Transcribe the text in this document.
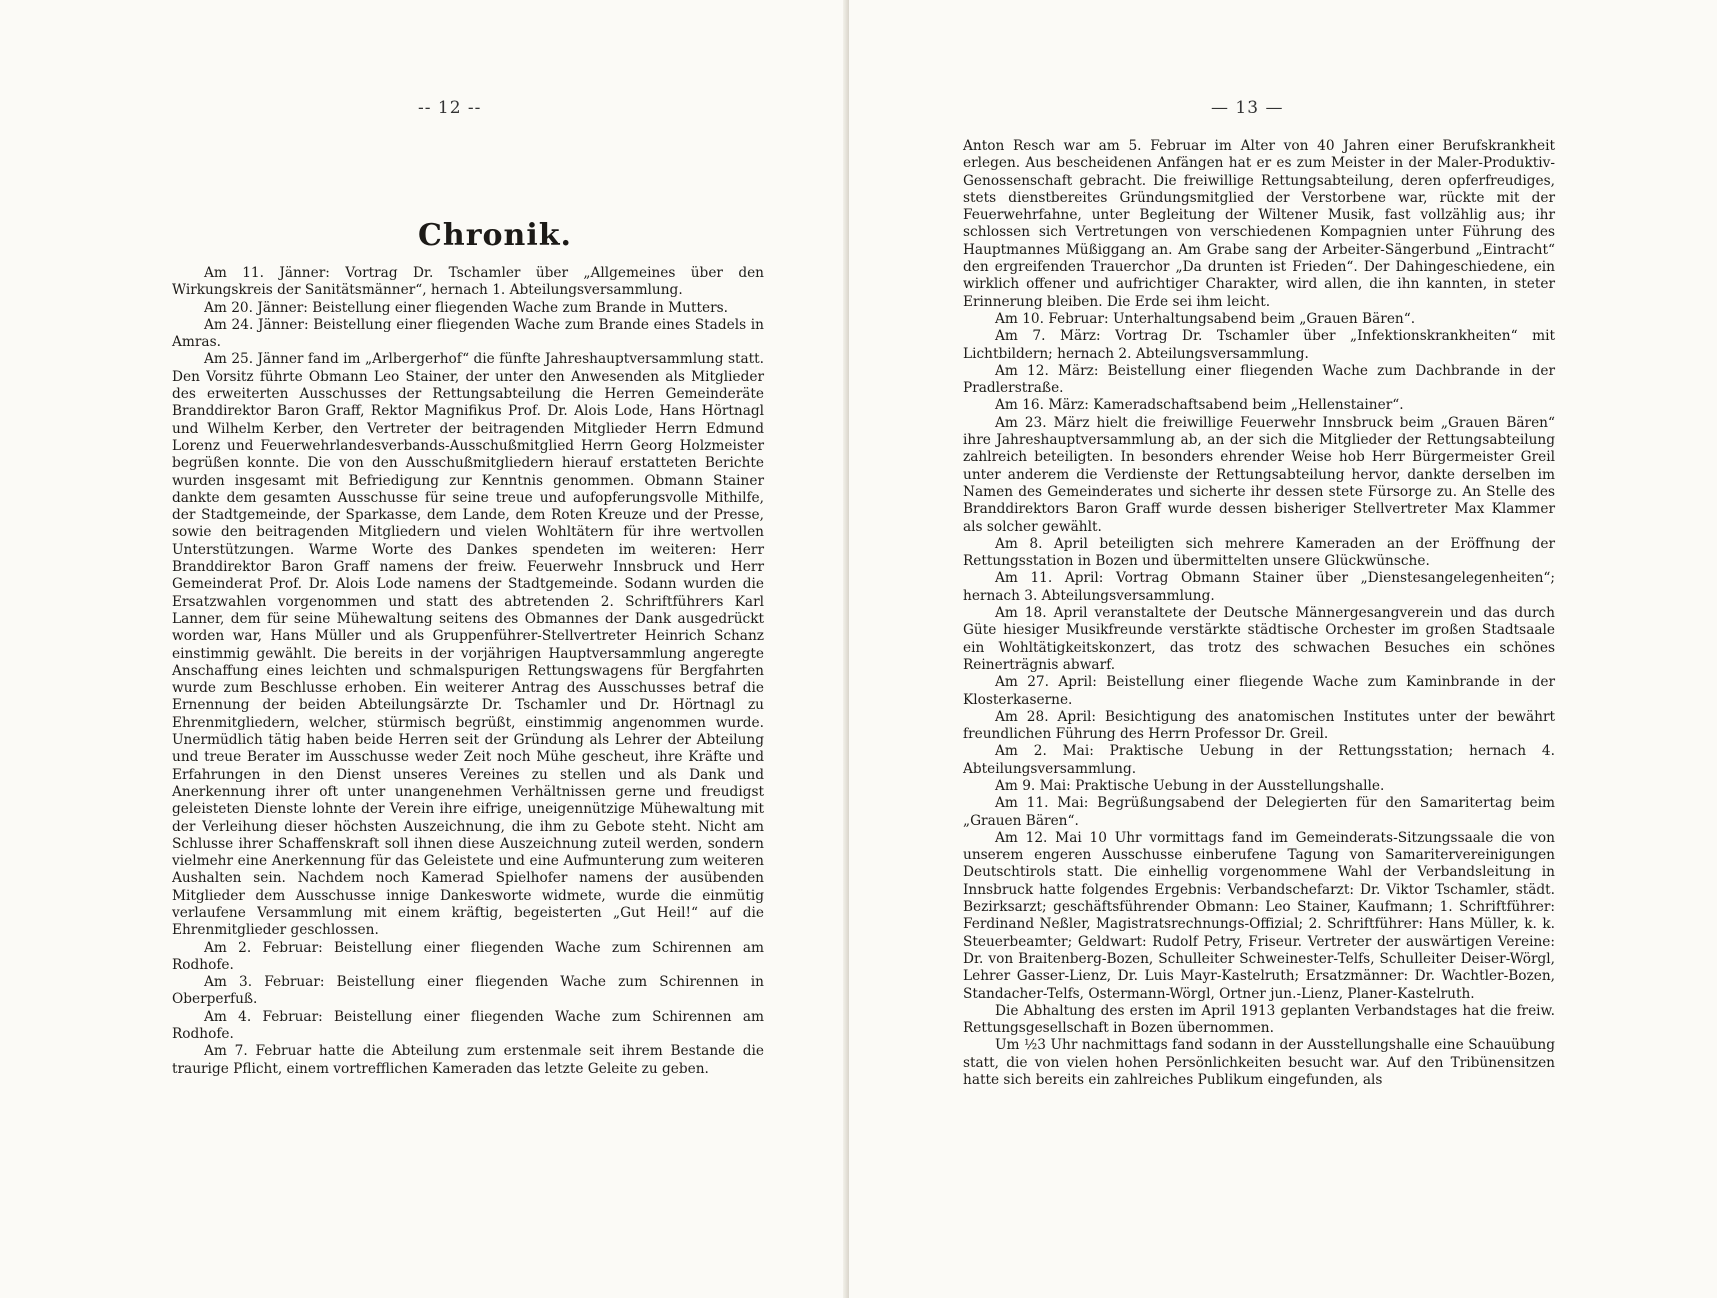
-- 12 --
Chronik.

Am 11. Jänner: Vortrag Dr. Tschamler über „Allgemeines über den Wirkungskreis der Sanitätsmänner“, hernach 1. Abteilungsversammlung.

Am 20. Jänner: Beistellung einer fliegenden Wache zum Brande in Mutters.

Am 24. Jänner: Beistellung einer fliegenden Wache zum Brande eines Stadels in Amras.

Am 25. Jänner fand im „Arlbergerhof“ die fünfte Jahreshauptversammlung statt. Den Vorsitz führte Obmann Leo Stainer, der unter den Anwesenden als Mitglieder des erweiterten Ausschusses der Rettungsabteilung die Herren Gemeinderäte Branddirektor Baron Graff, Rektor Magnifikus Prof. Dr. Alois Lode, Hans Hörtnagl und Wilhelm Kerber, den Vertreter der beitragenden Mitglieder Herrn Edmund Lorenz und Feuerwehrlandesverbands-Ausschußmitglied Herrn Georg Holzmeister begrüßen konnte. Die von den Ausschußmitgliedern hierauf erstatteten Berichte wurden insgesamt mit Befriedigung zur Kenntnis genommen. Obmann Stainer dankte dem gesamten Ausschusse für seine treue und aufopferungsvolle Mithilfe, der Stadtgemeinde, der Sparkasse, dem Lande, dem Roten Kreuze und der Presse, sowie den beitragenden Mitgliedern und vielen Wohltätern für ihre wertvollen Unterstützungen. Warme Worte des Dankes spendeten im weiteren: Herr Branddirektor Baron Graff namens der freiw. Feuerwehr Innsbruck und Herr Gemeinderat Prof. Dr. Alois Lode namens der Stadtgemeinde. Sodann wurden die Ersatzwahlen vorgenommen und statt des abtretenden 2. Schriftführers Karl Lanner, dem für seine Mühewaltung seitens des Obmannes der Dank ausgedrückt worden war, Hans Müller und als Gruppenführer-Stellvertreter Heinrich Schanz einstimmig gewählt. Die bereits in der vorjährigen Hauptversammlung angeregte Anschaffung eines leichten und schmalspurigen Rettungswagens für Bergfahrten wurde zum Beschlusse erhoben. Ein weiterer Antrag des Ausschusses betraf die Ernennung der beiden Abteilungsärzte Dr. Tschamler und Dr. Hörtnagl zu Ehrenmitgliedern, welcher, stürmisch begrüßt, einstimmig angenommen wurde. Unermüdlich tätig haben beide Herren seit der Gründung als Lehrer der Abteilung und treue Berater im Ausschusse weder Zeit noch Mühe gescheut, ihre Kräfte und Erfahrungen in den Dienst unseres Vereines zu stellen und als Dank und Anerkennung ihrer oft unter unangenehmen Verhältnissen gerne und freudigst geleisteten Dienste lohnte der Verein ihre eifrige, uneigennützige Mühewaltung mit der Verleihung dieser höchsten Auszeichnung, die ihm zu Gebote steht. Nicht am Schlusse ihrer Schaffenskraft soll ihnen diese Auszeichnung zuteil werden, sondern vielmehr eine Anerkennung für das Geleistete und eine Aufmunterung zum weiteren Aushalten sein. Nachdem noch Kamerad Spielhofer namens der ausübenden Mitglieder dem Ausschusse innige Dankesworte widmete, wurde die einmütig verlaufene Versammlung mit einem kräftig, begeisterten „Gut Heil!“ auf die Ehrenmitglieder geschlossen.

Am 2. Februar: Beistellung einer fliegenden Wache zum Schirennen am Rodhofe.

Am 3. Februar: Beistellung einer fliegenden Wache zum Schirennen in Oberperfuß.

Am 4. Februar: Beistellung einer fliegenden Wache zum Schirennen am Rodhofe.

Am 7. Februar hatte die Abteilung zum erstenmale seit ihrem Bestande die traurige Pflicht, einem vortrefflichen Kameraden das letzte Geleite zu geben.

— 13 —

Anton Resch war am 5. Februar im Alter von 40 Jahren einer Berufskrankheit erlegen. Aus bescheidenen Anfängen hat er es zum Meister in der Maler-Produktiv-Genossenschaft gebracht. Die freiwillige Rettungsabteilung, deren opferfreudiges, stets dienstbereites Gründungsmitglied der Verstorbene war, rückte mit der Feuerwehrfahne, unter Begleitung der Wiltener Musik, fast vollzählig aus; ihr schlossen sich Vertretungen von verschiedenen Kompagnien unter Führung des Hauptmannes Müßiggang an. Am Grabe sang der Arbeiter-Sängerbund „Eintracht“ den ergreifenden Trauerchor „Da drunten ist Frieden“. Der Dahingeschiedene, ein wirklich offener und aufrichtiger Charakter, wird allen, die ihn kannten, in steter Erinnerung bleiben. Die Erde sei ihm leicht.

Am 10. Februar: Unterhaltungsabend beim „Grauen Bären“.

Am 7. März: Vortrag Dr. Tschamler über „Infektionskrankheiten“ mit Lichtbildern; hernach 2. Abteilungsversammlung.

Am 12. März: Beistellung einer fliegenden Wache zum Dachbrande in der Pradlerstraße.

Am 16. März: Kameradschaftsabend beim „Hellenstainer“.

Am 23. März hielt die freiwillige Feuerwehr Innsbruck beim „Grauen Bären“ ihre Jahreshauptversammlung ab, an der sich die Mitglieder der Rettungsabteilung zahlreich beteiligten. In besonders ehrender Weise hob Herr Bürgermeister Greil unter anderem die Verdienste der Rettungsabteilung hervor, dankte derselben im Namen des Gemeinderates und sicherte ihr dessen stete Fürsorge zu. An Stelle des Branddirektors Baron Graff wurde dessen bisheriger Stellvertreter Max Klammer als solcher gewählt.

Am 8. April beteiligten sich mehrere Kameraden an der Eröffnung der Rettungsstation in Bozen und übermittelten unsere Glückwünsche.

Am 11. April: Vortrag Obmann Stainer über „Dienstesangelegenheiten“; hernach 3. Abteilungsversammlung.

Am 18. April veranstaltete der Deutsche Männergesangverein und das durch Güte hiesiger Musikfreunde verstärkte städtische Orchester im großen Stadtsaale ein Wohltätigkeitskonzert, das trotz des schwachen Besuches ein schönes Reinerträgnis abwarf.

Am 27. April: Beistellung einer fliegende Wache zum Kaminbrande in der Klosterkaserne.

Am 28. April: Besichtigung des anatomischen Institutes unter der bewährt freundlichen Führung des Herrn Professor Dr. Greil.

Am 2. Mai: Praktische Uebung in der Rettungsstation; hernach 4. Abteilungsversammlung.

Am 9. Mai: Praktische Uebung in der Ausstellungshalle.

Am 11. Mai: Begrüßungsabend der Delegierten für den Samaritertag beim „Grauen Bären“.

Am 12. Mai 10 Uhr vormittags fand im Gemeinderats-Sitzungssaale die von unserem engeren Ausschusse einberufene Tagung von Samaritervereinigungen Deutschtirols statt. Die einhellig vorgenommene Wahl der Verbandsleitung in Innsbruck hatte folgendes Ergebnis: Verbandschefarzt: Dr. Viktor Tschamler, städt. Bezirksarzt; geschäftsführender Obmann: Leo Stainer, Kaufmann; 1. Schriftführer: Ferdinand Neßler, Magistratsrechnungs-Offizial; 2. Schriftführer: Hans Müller, k. k. Steuerbeamter; Geldwart: Rudolf Petry, Friseur. Vertreter der auswärtigen Vereine: Dr. von Braitenberg-Bozen, Schulleiter Schweinester-Telfs, Schulleiter Deiser-Wörgl, Lehrer Gasser-Lienz, Dr. Luis Mayr-Kastelruth; Ersatzmänner: Dr. Wachtler-Bozen, Standacher-Telfs, Ostermann-Wörgl, Ortner jun.-Lienz, Planer-Kastelruth.

Die Abhaltung des ersten im April 1913 geplanten Verbandstages hat die freiw. Rettungsgesellschaft in Bozen übernommen.

Um ½3 Uhr nachmittags fand sodann in der Ausstellungshalle eine Schauübung statt, die von vielen hohen Persönlichkeiten besucht war. Auf den Tribünensitzen hatte sich bereits ein zahlreiches Publikum eingefunden, als
